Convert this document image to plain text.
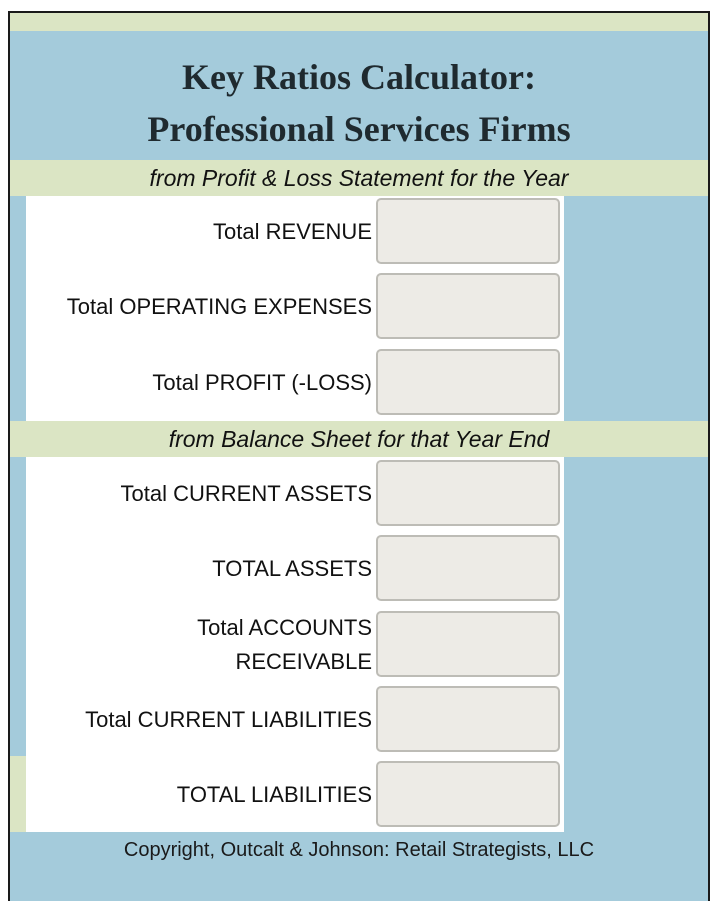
Key Ratios Calculator:
Professional Services Firms
from Profit & Loss Statement for the Year
Total REVENUE
Total OPERATING EXPENSES
Total PROFIT (-LOSS)
from Balance Sheet for that Year End
Total CURRENT ASSETS
TOTAL ASSETS
Total ACCOUNTS
RECEIVABLE
Total CURRENT LIABILITIES
TOTAL LIABILITIES
Copyright, Outcalt & Johnson: Retail Strategists, LLC
